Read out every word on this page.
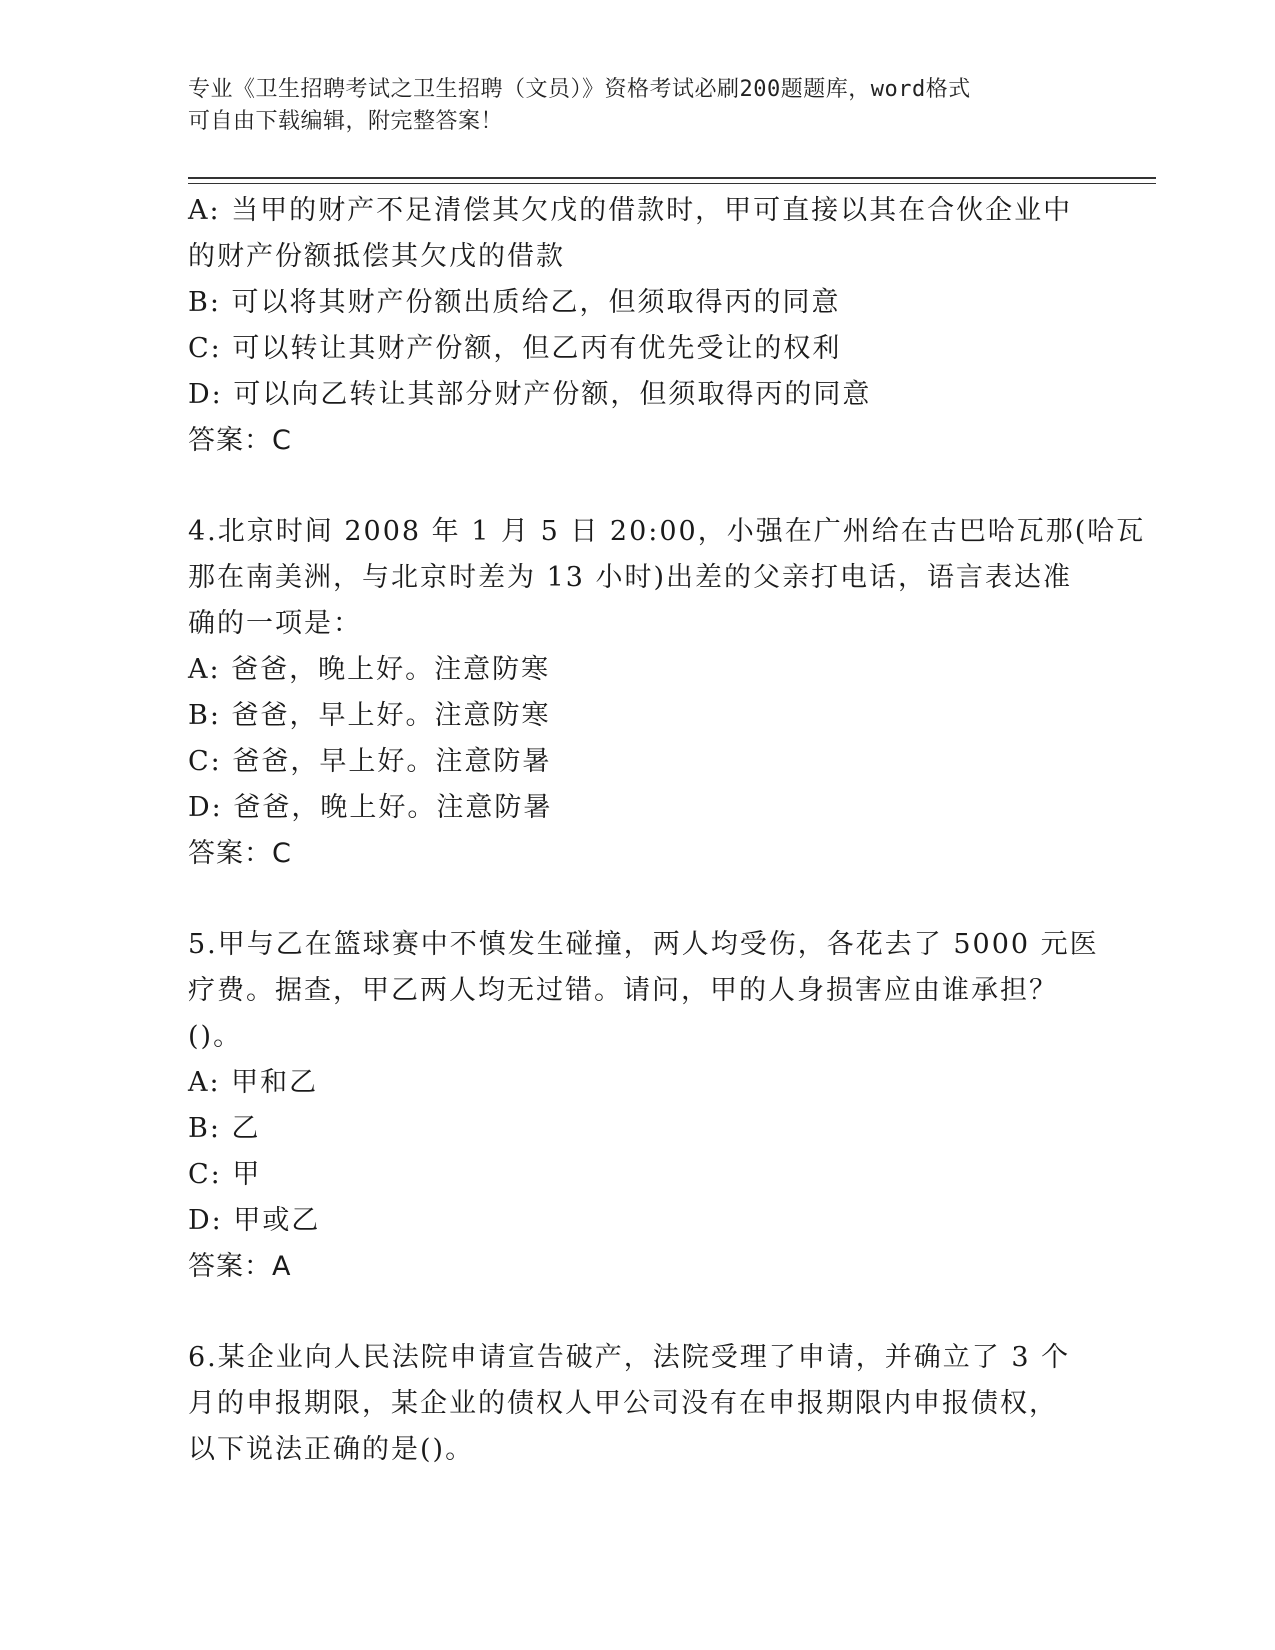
专业《卫生招聘考试之卫生招聘（文员）》资格考试必刷200题题库，word格式
可自由下载编辑，附完整答案！
A: 当甲的财产不足清偿其欠戊的借款时，甲可直接以其在合伙企业中
的财产份额抵偿其欠戊的借款
B: 可以将其财产份额出质给乙，但须取得丙的同意
C: 可以转让其财产份额，但乙丙有优先受让的权利
D: 可以向乙转让其部分财产份额，但须取得丙的同意
答案：C
4.北京时间 2008 年 1 月 5 日 20:00，小强在广州给在古巴哈瓦那(哈瓦
那在南美洲，与北京时差为 13 小时)出差的父亲打电话，语言表达准
确的一项是：
A: 爸爸，晚上好。注意防寒
B: 爸爸，早上好。注意防寒
C: 爸爸，早上好。注意防暑
D: 爸爸，晚上好。注意防暑
答案：C
5.甲与乙在篮球赛中不慎发生碰撞，两人均受伤，各花去了 5000 元医
疗费。据查，甲乙两人均无过错。请问，甲的人身损害应由谁承担？
()。
A: 甲和乙
B: 乙
C: 甲
D: 甲或乙
答案：A
6.某企业向人民法院申请宣告破产，法院受理了申请，并确立了 3 个
月的申报期限，某企业的债权人甲公司没有在申报期限内申报债权，
以下说法正确的是()。
